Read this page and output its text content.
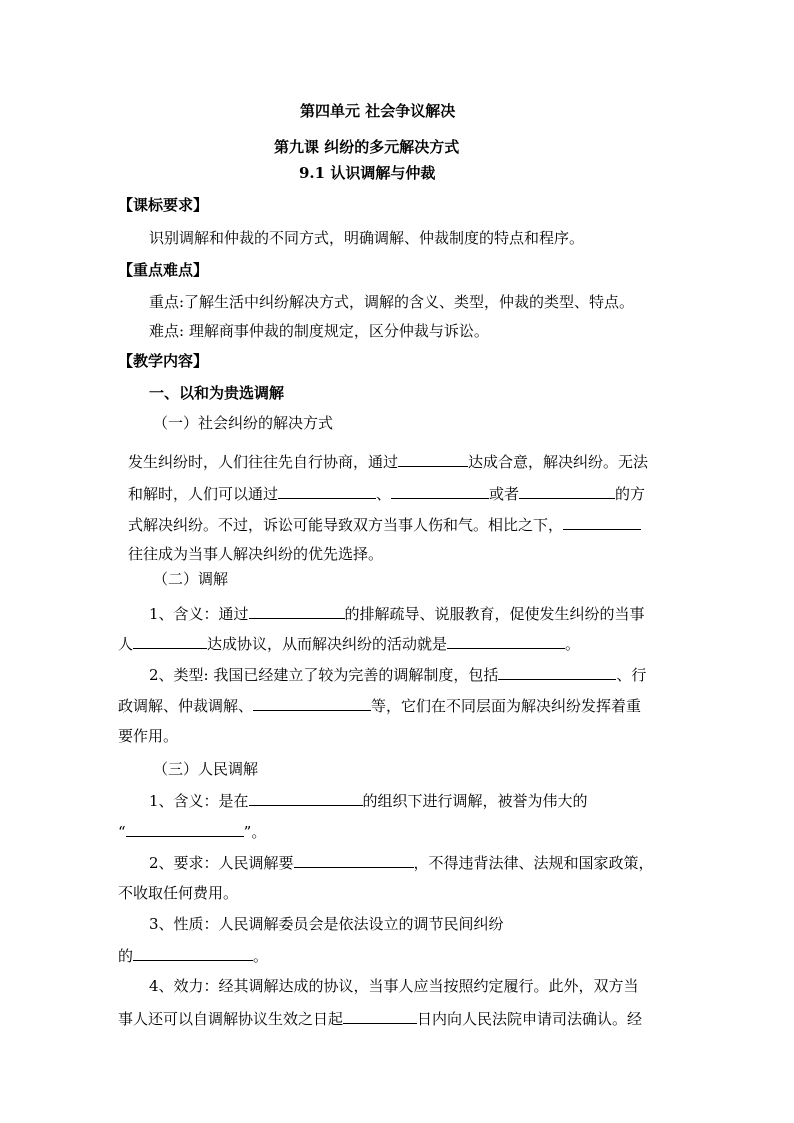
第四单元 社会争议解决
第九课 纠纷的多元解决方式
9.1 认识调解与仲裁
【课标要求】
识别调解和仲裁的不同方式，明确调解、仲裁制度的特点和程序。
【重点难点】
重点:了解生活中纠纷解决方式，调解的含义、类型，仲裁的类型、特点。
难点: 理解商事仲裁的制度规定，区分仲裁与诉讼。
【教学内容】
一、以和为贵选调解
（一）社会纠纷的解决方式
发生纠纷时，人们往往先自行协商，通过	达成合意，解决纠纷。无法
和解时，人们可以通过	、	或者	的方
式解决纠纷。不过，诉讼可能导致双方当事人伤和气。相比之下，
往往成为当事人解决纠纷的优先选择。
（二）调解
1、含义：通过	的排解疏导、说服教育，促使发生纠纷的当事
人	达成协议，从而解决纠纷的活动就是	。
2、类型: 我国已经建立了较为完善的调解制度，包括	、行
政调解、仲裁调解、	等，它们在不同层面为解决纠纷发挥着重
要作用。
（三）人民调解
1、含义：是在	的组织下进行调解，被誉为伟大的
“	”。
2、要求：人民调解要	，不得违背法律、法规和国家政策，
不收取任何费用。
3、性质：人民调解委员会是依法设立的调节民间纠纷
的	。
4、效力：经其调解达成的协议，当事人应当按照约定履行。此外，双方当
事人还可以自调解协议生效之日起	日内向人民法院申请司法确认。经
